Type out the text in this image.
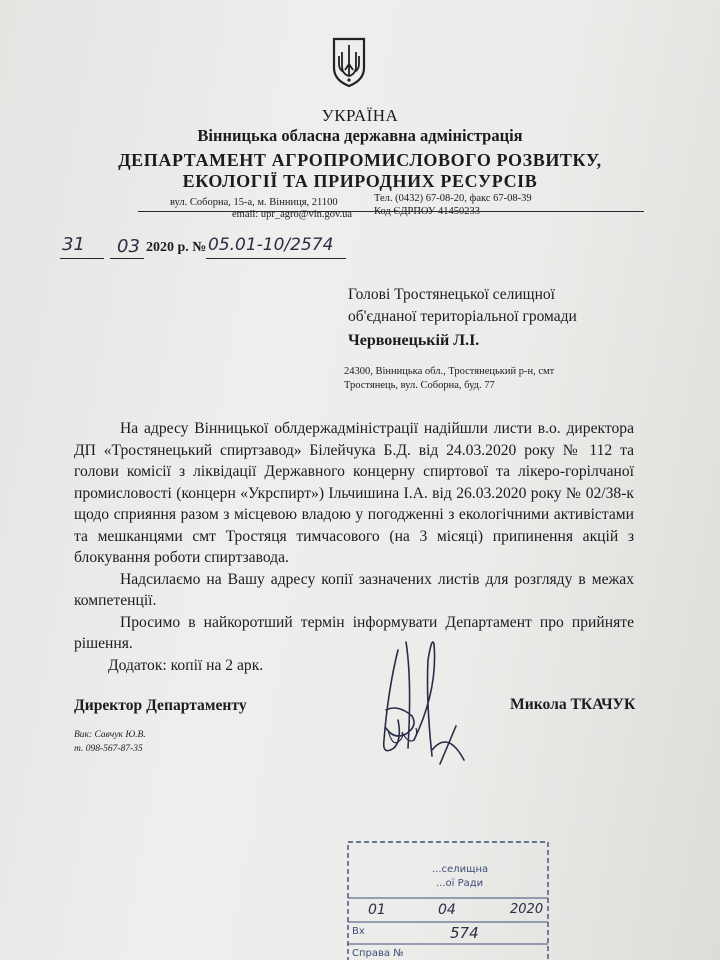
УКРАЇНА

Вінницька обласна державна адміністрація

ДЕПАРТАМЕНТ АГРОПРОМИСЛОВОГО РОЗВИТКУ,

ЕКОЛОГІЇ ТА ПРИРОДНИХ РЕСУРСІВ

вул. Соборна, 15-а, м. Вінниця, 21100

email: upr_agro@vin.gov.ua

Тел. (0432) 67-08-20, факс 67-08-39

Код ЄДРПОУ 41450233

31 03 2020 р. № 05.01-10/2574

Голові Тростянецької селищної

об'єднаної територіальної громади

Червонецькій Л.І.

24300, Вінницька обл., Тростянецький р-н, смт

Тростянець, вул. Соборна, буд. 77

На адресу Вінницької облдержадміністрації надійшли листи в.о. директора ДП «Тростянецький спиртзавод» Білейчука Б.Д. від 24.03.2020 року № 112 та голови комісії з ліквідації Державного концерну спиртової та лікеро-горілчаної промисловості (концерн «Укрспирт») Ільчишина І.А. від 26.03.2020 року № 02/38-к щодо сприяння разом з місцевою владою у погодженні з екологічними активістами та мешканцями смт Тростяця тимчасового (на 3 місяці) припинення акцій з блокування роботи спиртзавода.

Надсилаємо на Вашу адресу копії зазначених листів для розгляду в межах компетенції.

Просимо в найкоротший термін інформувати Департамент про прийняте рішення.

Додаток: копії на 2 арк.

Директор Департаменту	Микола ТКАЧУК

Вик: Савчук Ю.В.

т. 098-567-87-35

...селищна
...ої Ради
01	04	2020
Вх	574
Справа №
